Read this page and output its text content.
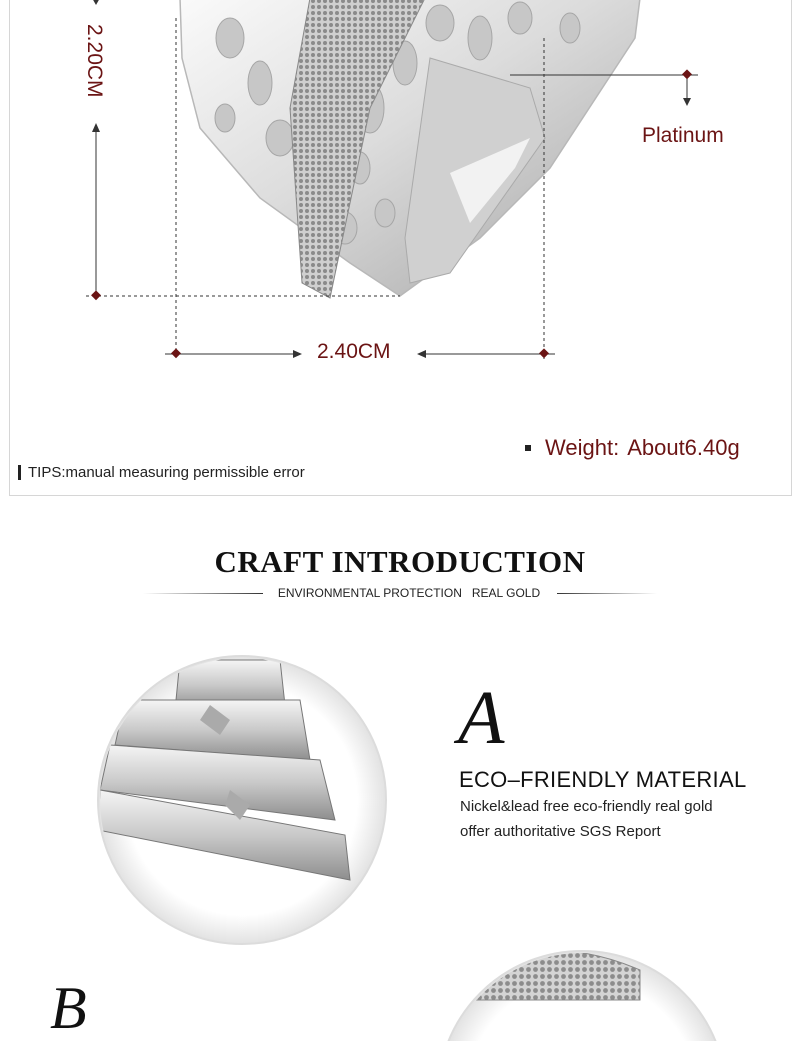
2.20CM
2.40CM
Platinum
Weight: About6.40g
TIPS:manual measuring permissible error
CRAFT INTRODUCTION
ENVIRONMENTAL PROTECTION REAL GOLD
A
ECO–FRIENDLY MATERIAL
Nickel&lead free eco-friendly real gold
offer authoritative SGS Report
B
